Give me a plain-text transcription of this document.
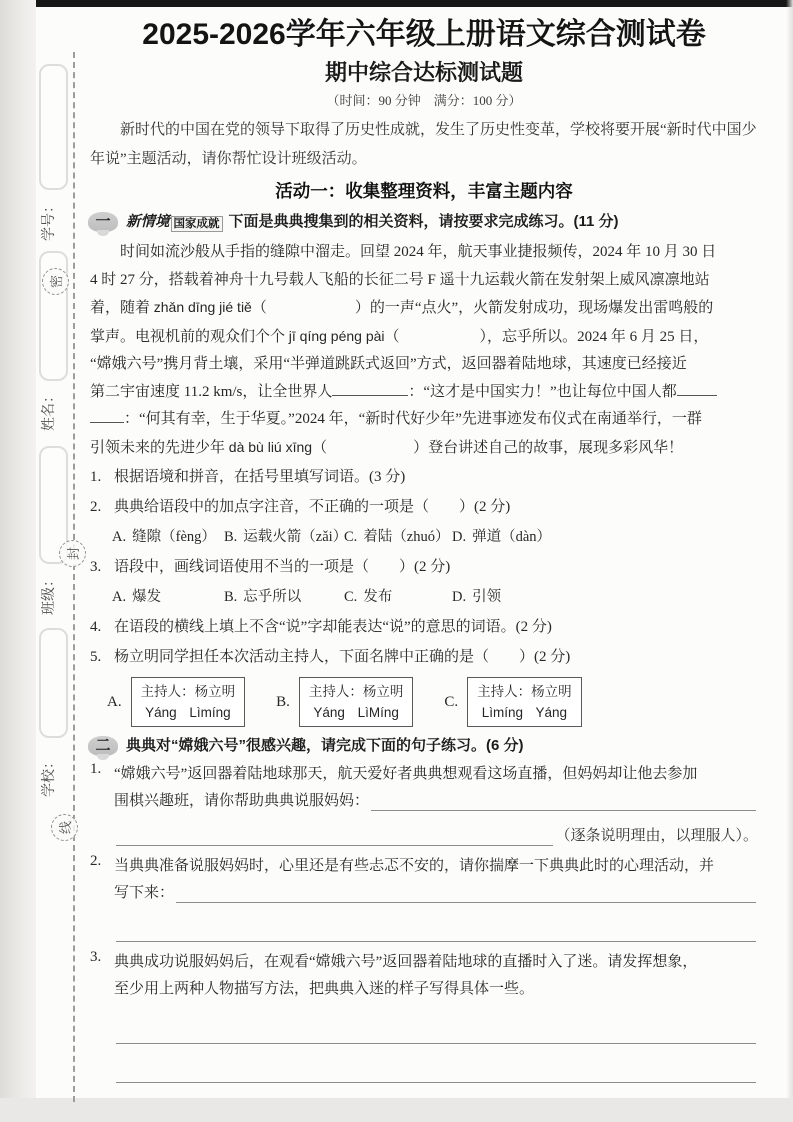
学号：
姓名：
班级：
学校：
密
封
线
2025-2026学年六年级上册语文综合测试卷
期中综合达标测试题
（时间：90 分钟　满分：100 分）
新时代的中国在党的领导下取得了历史性成就，发生了历史性变革，学校将要开展“新时代中国少年说”主题活动，请你帮忙设计班级活动。
活动一：收集整理资料，丰富主题内容
一	新情境 国家成就 下面是典典搜集到的相关资料，请按要求完成练习。(11 分)
　　时间如流沙般从手指的缝隙中溜走。回望 2024 年，航天事业捷报频传，2024 年 10 月 30 日
4 时 27 分，搭载着神舟十九号载人飞船的长征二号 F 遥十九运载火箭在发射架上威风凛凛地站
着，随着 zhǎn dīng jié tiě（	）的一声“点火”，火箭发射成功，现场爆发出雷鸣般的
掌声。电视机前的观众们个个 jī qíng péng pài（	），忘乎所以。2024 年 6 月 25 日，
“嫦娥六号”携月背土壤，采用“半弹道跳跃式返回”方式，返回器着陆地球，其速度已经接近
第二宇宙速度 11.2 km/s，让全世界人	：“这才是中国实力！”也让每位中国人都
：“何其有幸，生于华夏。”2024 年，“新时代好少年”先进事迹发布仪式在南通举行，一群
引领未来的先进少年 dà bù liú xīng（	）登台讲述自己的故事，展现多彩风华！
1. 根据语境和拼音，在括号里填写词语。(3 分)
2. 典典给语段中的加点字注音，不正确的一项是（　　）(2 分)
A. 缝隙（fèng） B. 运载火箭（zǎi）
C. 着陆（zhuó） D. 弹道（dàn）
3. 语段中，画线词语使用不当的一项是（　　）(2 分)
A. 爆发	B. 忘乎所以	C. 发布	D. 引领
4. 在语段的横线上填上不含“说”字却能表达“说”的意思的词语。(2 分)
5. 杨立明同学担任本次活动主持人，下面名牌中正确的是（　　）(2 分)
A.
主持人：杨立明
Yáng Lìmíng
B.
主持人：杨立明
Yáng LìMíng
C.
主持人：杨立明
Lìmíng Yáng
二	典典对“嫦娥六号”很感兴趣，请完成下面的句子练习。(6 分)
1. “嫦娥六号”返回器着陆地球那天，航天爱好者典典想观看这场直播，但妈妈却让他去参加
围棋兴趣班，请你帮助典典说服妈妈：
（逐条说明理由，以理服人）。
2. 当典典准备说服妈妈时，心里还是有些忐忑不安的，请你揣摩一下典典此时的心理活动，并
写下来：
3. 典典成功说服妈妈后，在观看“嫦娥六号”返回器着陆地球的直播时入了迷。请发挥想象，
至少用上两种人物描写方法，把典典入迷的样子写得具体一些。
